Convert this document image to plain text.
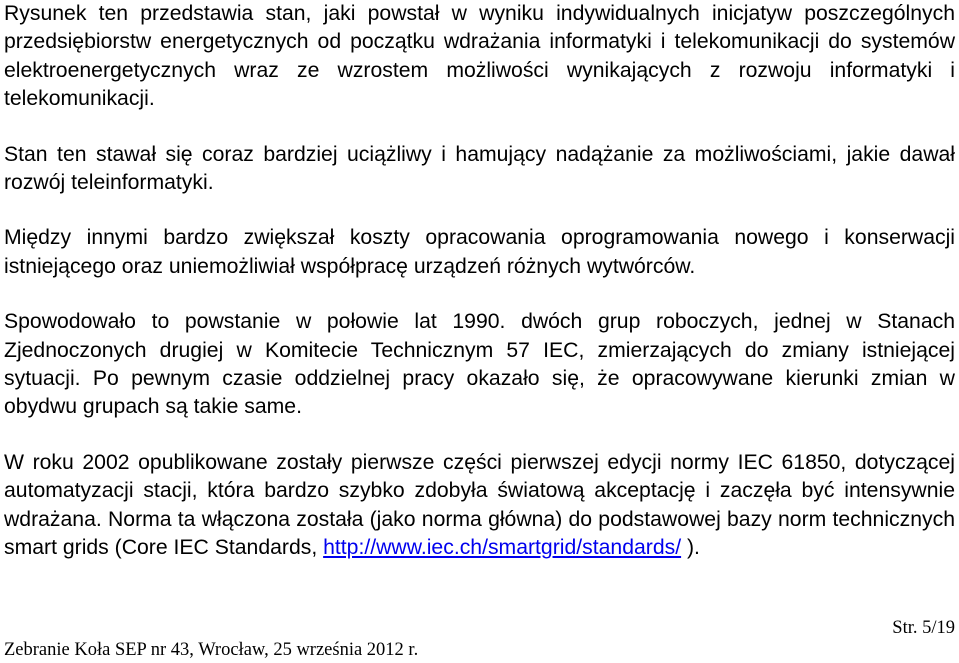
Rysunek ten przedstawia stan, jaki powstał w wyniku indywidualnych inicjatyw poszczególnych przedsiębiorstw energetycznych od początku wdrażania informatyki i telekomunikacji do systemów elektroenergetycznych wraz ze wzrostem możliwości wynikających z rozwoju informatyki i telekomunikacji.

Stan ten stawał się coraz bardziej uciążliwy i hamujący nadążanie za możliwościami, jakie dawał rozwój teleinformatyki.

Między innymi bardzo zwiększał koszty opracowania oprogramowania nowego i konserwacji istniejącego oraz uniemożliwiał współpracę urządzeń różnych wytwórców.

Spowodowało to powstanie w połowie lat 1990. dwóch grup roboczych, jednej w Stanach Zjednoczonych drugiej w Komitecie Technicznym 57 IEC, zmierzających do zmiany istniejącej sytuacji. Po pewnym czasie oddzielnej pracy okazało się, że opracowywane kierunki zmian w obydwu grupach są takie same.

W roku 2002 opublikowane zostały pierwsze części pierwszej edycji normy IEC 61850, dotyczącej automatyzacji stacji, która bardzo szybko zdobyła światową akceptację i zaczęła być intensywnie wdrażana. Norma ta włączona została (jako norma główna) do podstawowej bazy norm technicznych smart grids (Core IEC Standards, http://www.iec.ch/smartgrid/standards/ ).

Str. 5/19
Zebranie Koła SEP nr 43, Wrocław, 25 września 2012 r.
